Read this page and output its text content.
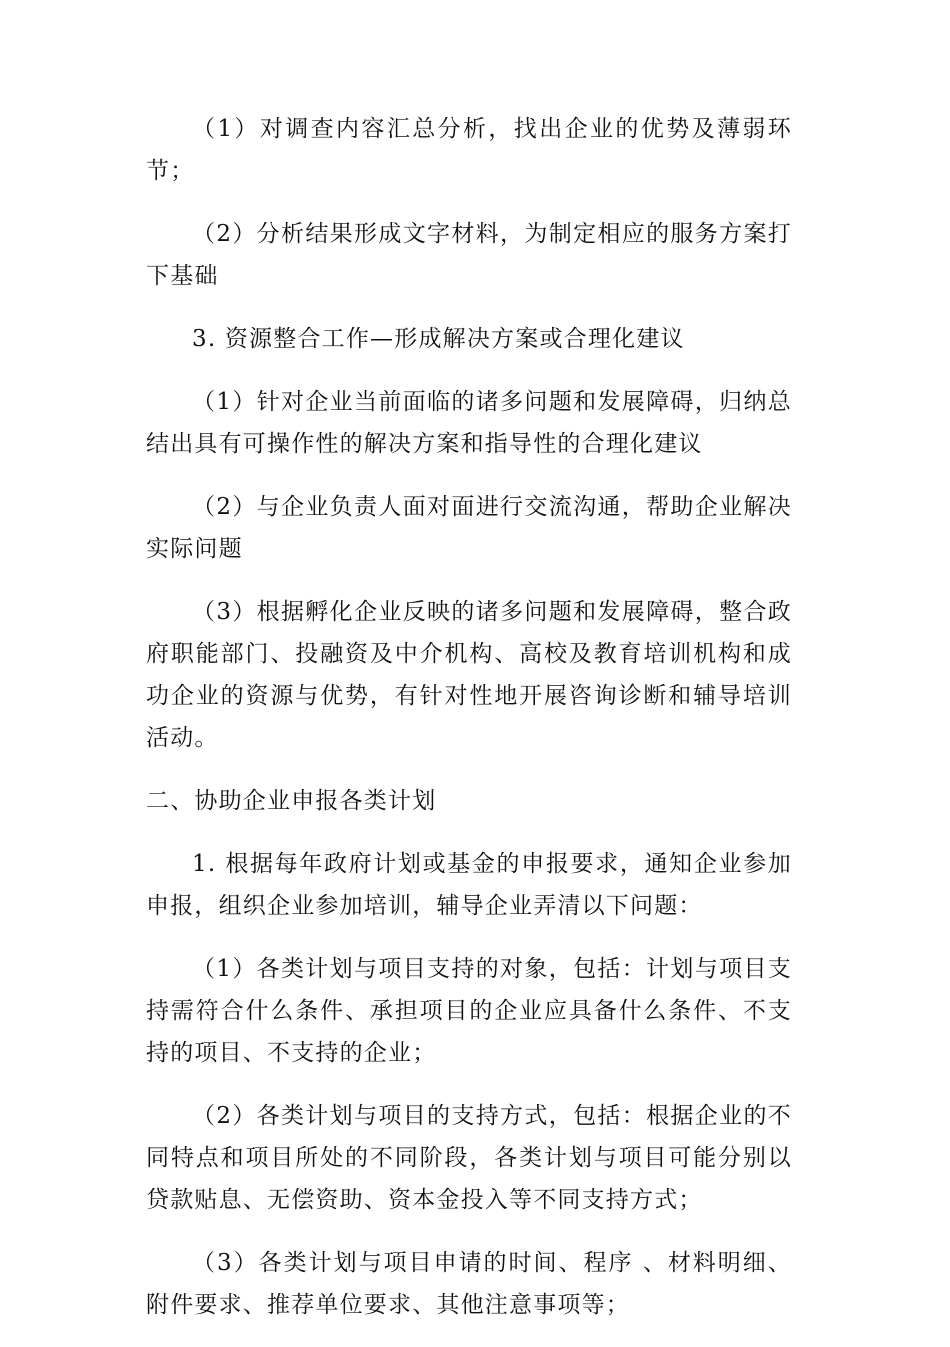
（1）对调查内容汇总分析，找出企业的优势及薄弱环节；

（2）分析结果形成文字材料，为制定相应的服务方案打下基础

3. 资源整合工作—形成解决方案或合理化建议

（1）针对企业当前面临的诸多问题和发展障碍，归纳总结出具有可操作性的解决方案和指导性的合理化建议

（2）与企业负责人面对面进行交流沟通，帮助企业解决实际问题

（3）根据孵化企业反映的诸多问题和发展障碍，整合政府职能部门、投融资及中介机构、高校及教育培训机构和成功企业的资源与优势，有针对性地开展咨询诊断和辅导培训活动。

二、协助企业申报各类计划

1. 根据每年政府计划或基金的申报要求，通知企业参加申报，组织企业参加培训，辅导企业弄清以下问题：

（1）各类计划与项目支持的对象，包括：计划与项目支持需符合什么条件、承担项目的企业应具备什么条件、不支持的项目、不支持的企业；

（2）各类计划与项目的支持方式，包括：根据企业的不同特点和项目所处的不同阶段，各类计划与项目可能分别以贷款贴息、无偿资助、资本金投入等不同支持方式；

（3）各类计划与项目申请的时间、程序 、材料明细、附件要求、推荐单位要求、其他注意事项等；
